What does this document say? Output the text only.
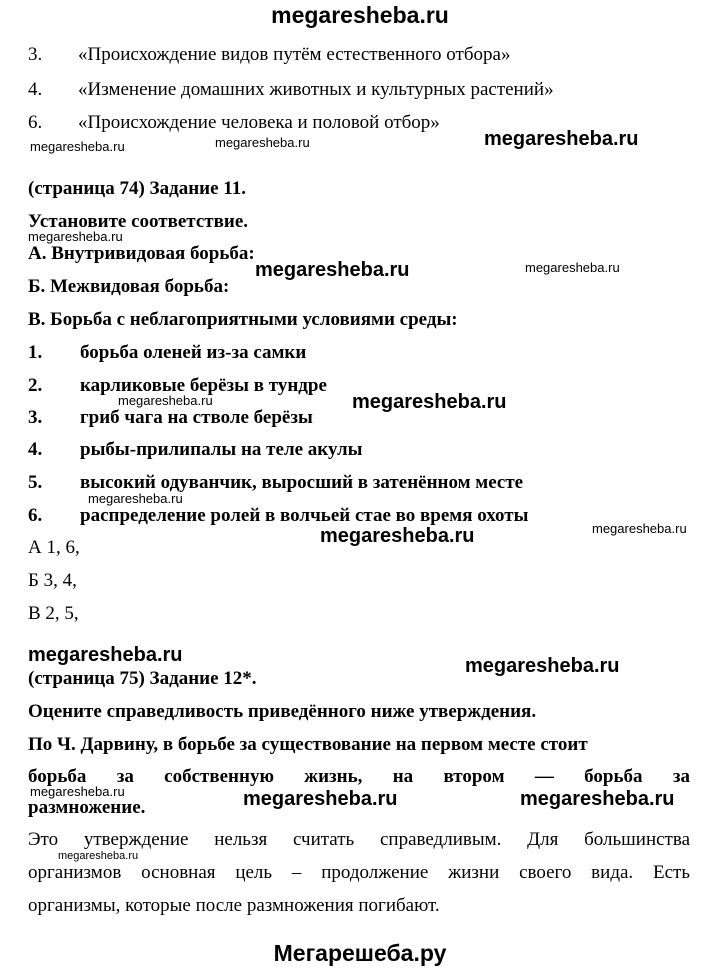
megaresheba.ru
3. «Происхождение видов путём естественного отбора»
4. «Изменение домашних животных и культурных растений»
6. «Происхождение человека и половой отбор»
megaresheba.ru	megaresheba.ru	megaresheba.ru
(страница 74) Задание 11.
Установите соответствие.
megaresheba.ru
А. Внутривидовая борьба:
megaresheba.ru	megaresheba.ru
Б. Межвидовая борьба:
В. Борьба с неблагоприятными условиями среды:
1. борьба оленей из-за самки
2. карликовые берёзы в тундре
megaresheba.ru	megaresheba.ru
3. гриб чага на стволе берёзы
4. рыбы-прилипалы на теле акулы
5. высокий одуванчик, выросший в затенённом месте
megaresheba.ru
6. распределение ролей в волчьей стае во время охоты
megaresheba.ru
megaresheba.ru
А 1, 6,
Б 3, 4,
В 2, 5,
megaresheba.ru	megaresheba.ru
(страница 75) Задание 12*.
Оцените справедливость приведённого ниже утверждения.
По Ч. Дарвину, в борьбе за существование на первом месте стоит
борьба за собственную жизнь, на втором — борьба за
megaresheba.ru
размножение.	megaresheba.ru	megaresheba.ru
Это утверждение нельзя считать справедливым. Для большинства
megaresheba.ru
организмов основная цель – продолжение жизни своего вида. Есть
организмы, которые после размножения погибают.
Мегарешеба.ру
